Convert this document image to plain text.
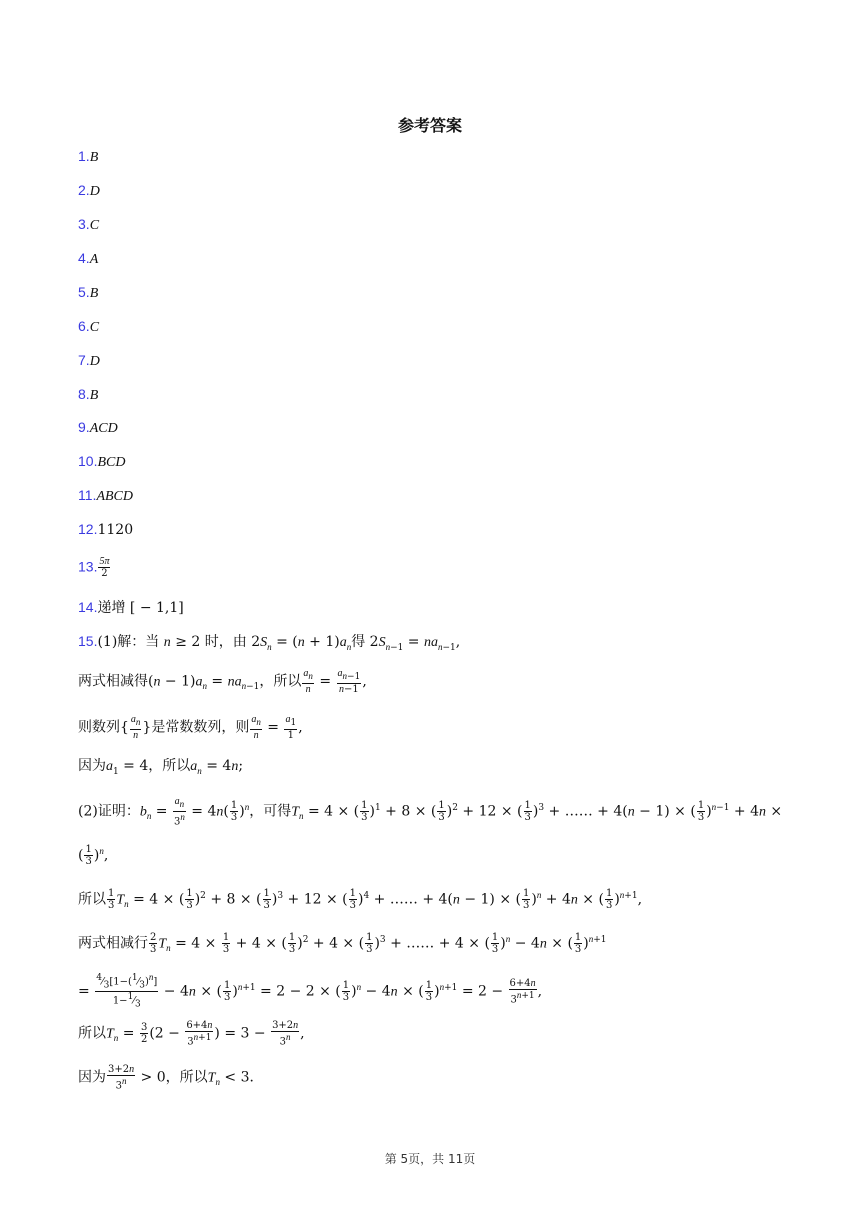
参考答案
1.B
2.D
3.C
4.A
5.B
6.C
7.D
8.B
9.ACD
10.BCD
11.ABCD
12.1120
13. $\frac{5\pi}{2}$
14.递增 [ − 1,1]
15.(1)解：当 n ≥ 2 时，由 $2S_n = (n + 1)a_n$得 $2S_{n-1} = na_{n-1}$,
两式相减得$(n - 1)a_n = na_{n-1}$，所以 $\frac{a_n}{n} = \frac{a_{n-1}}{n-1}$ ,
则数列{ $\frac{a_n}{n}$ }是常数数列，则 $\frac{a_n}{n} = \frac{a_1}{1}$ ,
因为$a_1 = 4$，所以$a_n = 4n$;
(2)证明：$b_n = \frac{a_n}{3^n} = 4n( \frac{1}{3} )^n$，可得$T_n = 4$ × ( $\frac{1}{3} )^1 + 8$ × ( $\frac{1}{3} )^2 + 12$ × ( $\frac{1}{3} )^3$ + …… + 4(n − 1) × ( $\frac{1}{3} )^{n-1} + 4n$ ×
( $\frac{1}{3} )^n$,
所以 $\frac{1}{3} T_n = 4$ × ( $\frac{1}{3} )^2 + 8$ × ( $\frac{1}{3} )^3 + 12$ × ( $\frac{1}{3} )^4$ + …… + 4(n − 1) × ( $\frac{1}{3} )^n + 4n$ × ( $\frac{1}{3} )^{n+1}$,
两式相减行 $\frac{2}{3} T_n = 4 \times \frac{1}{3} + 4$ × ( $\frac{1}{3} )^2 + 4$ × ( $\frac{1}{3} )^3$ + …… + 4 × ( $\frac{1}{3} )^n - 4n$ × ( $\frac{1}{3} )^{n+1}$
= $\frac{^4⁄_3[1-(^1⁄_3)^n]}{1-^1⁄_3} - 4n$ × ( $\frac{1}{3} )^{n+1} = 2 - 2$ × ( $\frac{1}{3} )^n - 4n$ × ( $\frac{1}{3} )^{n+1} = 2 - \frac{6+4n}{3^{n+1}}$ ,
所以$T_n = \frac{3}{2} (2 - \frac{6+4n}{3^{n+1}}$ ) = $3 - \frac{3+2n}{3^n}$ ,
因为 $\frac{3+2n}{3^n} > 0$，所以$T_n < 3$．
第 5页，共 11页
